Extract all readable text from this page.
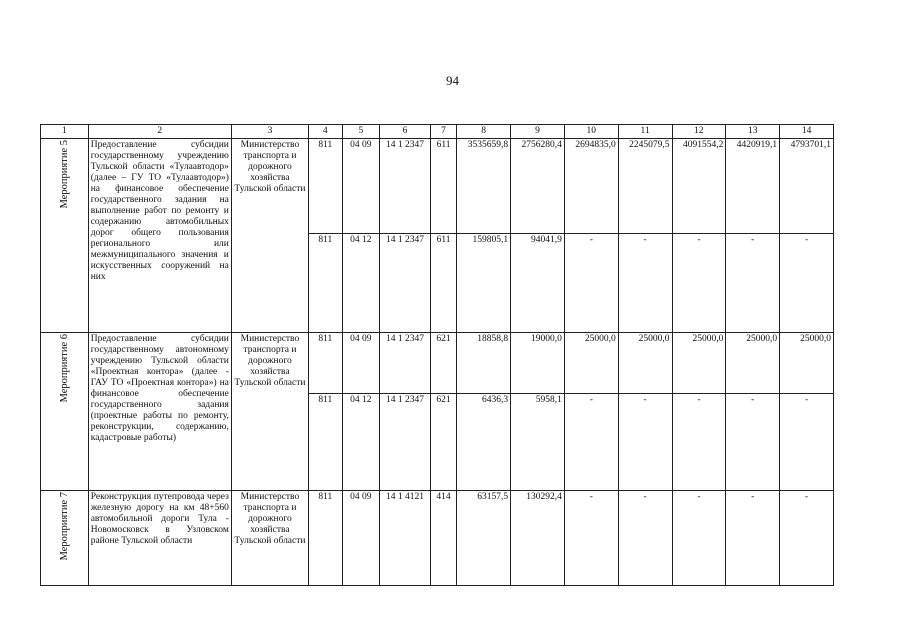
94
1	2	3	4	5	6	7	8	9	10	11	12	13	14

Мероприятие 5	Предоставление субсидии государственному учреждению Тульской области «Тулаавтодор» (далее – ГУ ТО «Тулаавтодор») на финансовое обеспечение государственного задания на выполнение работ по ремонту и содержанию автомобильных дорог общего пользования регионального или межмуниципального значения и искусственных сооружений на них	Министерство транспорта и дорожного хозяйства Тульской области	811	04 09	14 1 2347	611	3535659,8	2756280,4	2694835,0	2245079,5	4091554,2	4420919,1	4793701,1
			811	04 12	14 1 2347	611	159805,1	94041,9	-	-	-	-	-

Мероприятие 6	Предоставление субсидии государственному автономному учреждению Тульской области «Проектная контора» (далее - ГАУ ТО «Проектная контора») на финансовое обеспечение государственного задания (проектные работы по ремонту, реконструкции, содержанию, кадастровые работы)	Министерство транспорта и дорожного хозяйства Тульской области	811	04 09	14 1 2347	621	18858,8	19000,0	25000,0	25000,0	25000,0	25000,0	25000,0
			811	04 12	14 1 2347	621	6436,3	5958,1	-	-	-	-	-

Мероприятие 7	Реконструкция путепровода через железную дорогу на км 48+560 автомобильной дороги Тула - Новомосковск в Узловском районе Тульской области	Министерство транспорта и дорожного хозяйства Тульской области	811	04 09	14 1 4121	414	63157,5	130292,4	-	-	-	-	-
